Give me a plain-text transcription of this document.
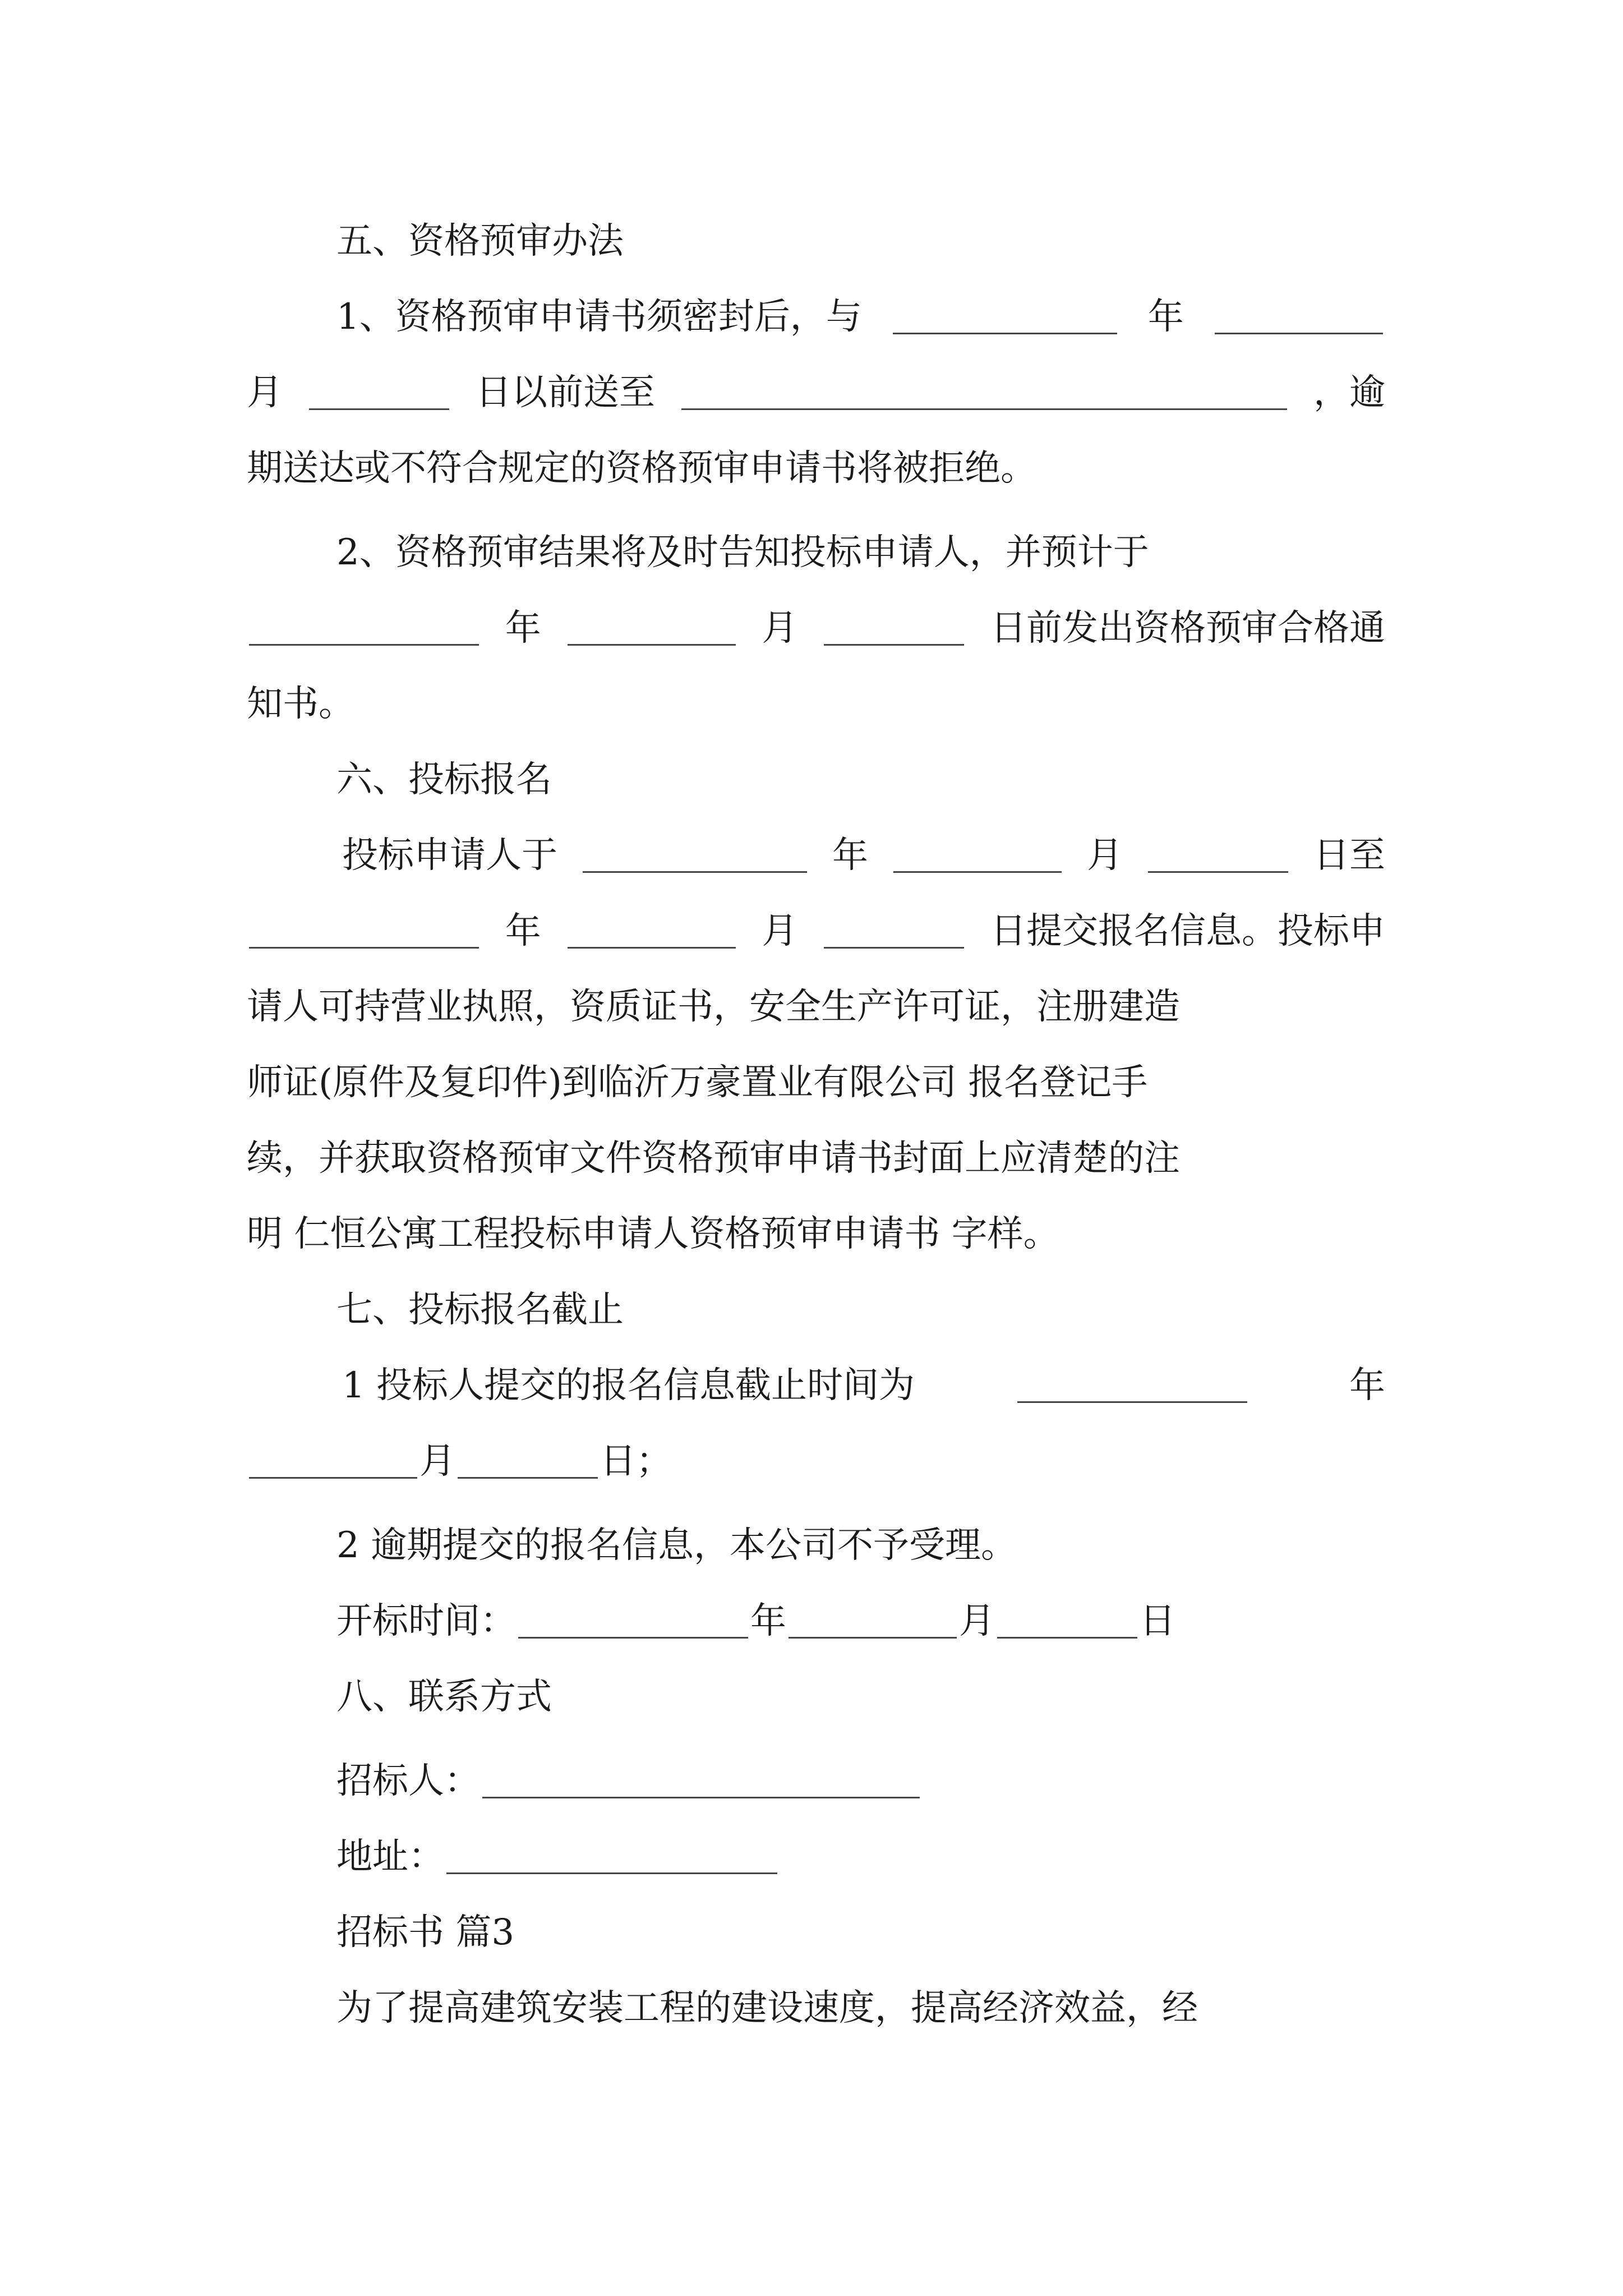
五、资格预审办法
1、资格预审申请书须密封后，与	年
月	日以前送至	，逾
期送达或不符合规定的资格预审申请书将被拒绝。
2、资格预审结果将及时告知投标申请人，并预计于
年	月	日前发出资格预审合格通
知书。
六、投标报名
投标申请人于	年	月	日至
年	月	日提交报名信息。投标申
请人可持营业执照，资质证书，安全生产许可证，注册建造
师证(原件及复印件)到临沂万豪置业有限公司 报名登记手
续，并获取资格预审文件资格预审申请书封面上应清楚的注
明 仁恒公寓工程投标申请人资格预审申请书 字样。
七、投标报名截止
1 投标人提交的报名信息截止时间为	年
月	日；
2 逾期提交的报名信息，本公司不予受理。
开标时间：	年	月	日
八、联系方式
招标人：
地址：
招标书 篇3
为了提高建筑安装工程的建设速度，提高经济效益，经
